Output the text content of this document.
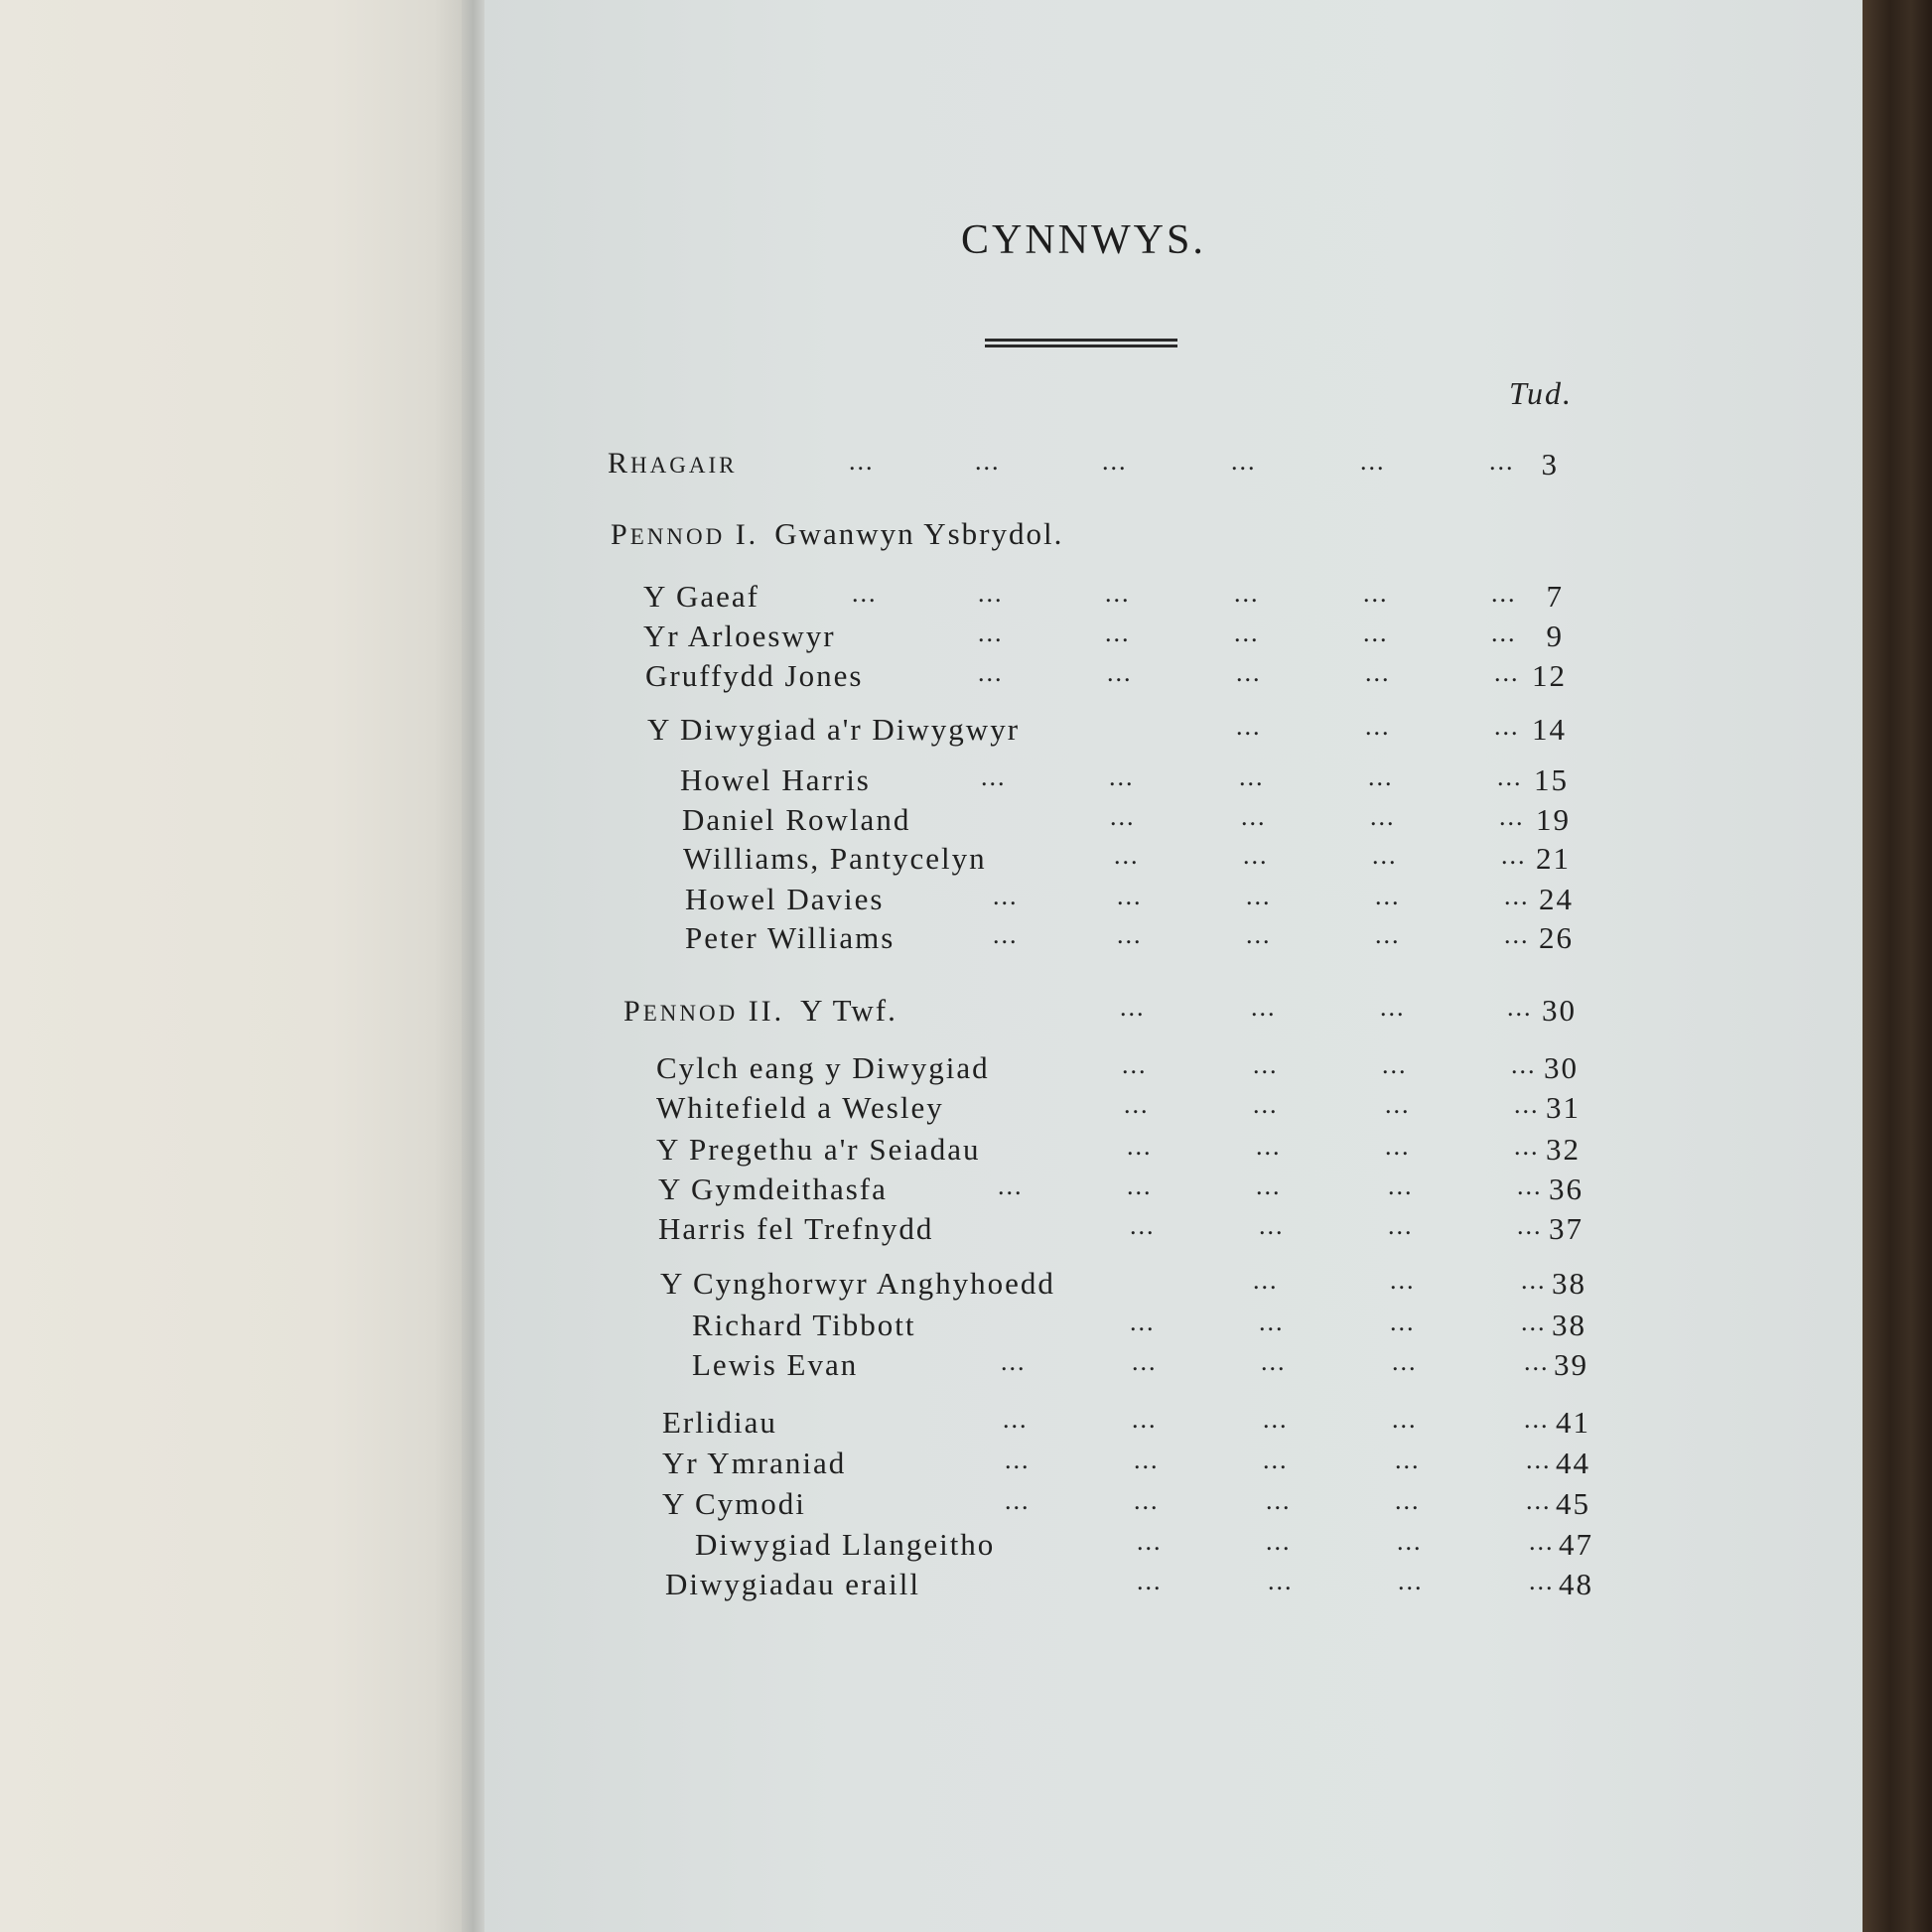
CYNNWYS.
Tud.
RHAGAIR	...	...	...	...	...	... 3
PENNOD I. Gwanwyn Ysbrydol.
Y Gaeaf	...	...	...	...	...	... 7
Yr Arloeswyr	...	...	...	...	... 9
Gruffydd Jones	...	...	...	...	... 12
Y Diwygiad a'r Diwygwyr	...	...	... 14
Howel Harris	...	...	...	...	... 15
Daniel Rowland	...	...	...	... 19
Williams, Pantycelyn	...	...	...	... 21
Howel Davies	...	...	...	...	... 24
Peter Williams	...	...	...	...	... 26
PENNOD II. Y Twf.	...	...	...	... 30
Cylch eang y Diwygiad	...	...	...	... 30
Whitefield a Wesley	...	...	...	... 31
Y Pregethu a'r Seiadau	...	...	...	... 32
Y Gymdeithasfa	...	...	...	...	... 36
Harris fel Trefnydd	...	...	...	... 37
Y Cynghorwyr Anghyhoedd	...	...	... 38
Richard Tibbott	...	...	...	... 38
Lewis Evan	...	...	...	...	... 39
Erlidiau	...	...	...	...	... 41
Yr Ymraniad	...	...	...	...	... 44
Y Cymodi	...	...	...	...	... 45
Diwygiad Llangeitho	...	...	...	... 47
Diwygiadau eraill	...	...	...	... 48
